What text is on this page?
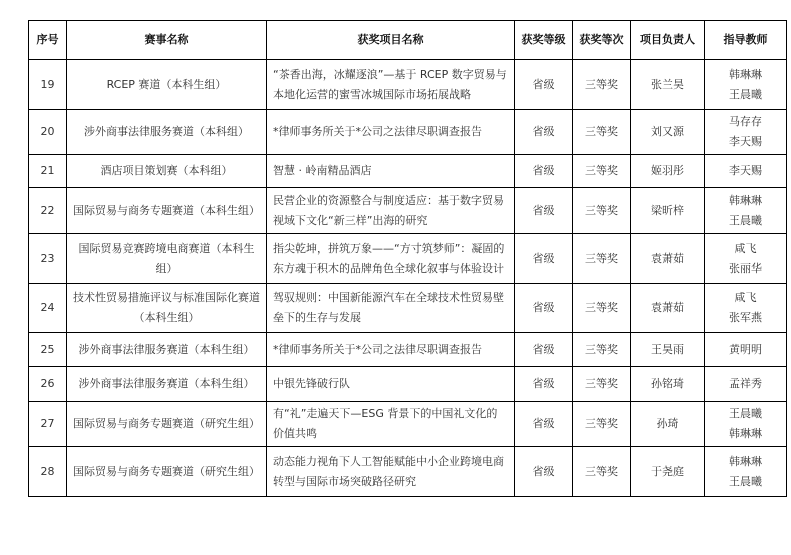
序号	赛事名称	获奖项目名称	获奖等级	获奖等次	项目负责人	指导教师
19	RCEP 赛道（本科生组）	“茶香出海，冰耀逐浪”—基于 RCEP 数字贸易与本地化运营的蜜雪冰城国际市场拓展战略	省级	三等奖	张兰昊	韩琳琳
王晨曦

20	涉外商事法律服务赛道（本科组）	*律师事务所关于*公司之法律尽职调查报告	省级	三等奖	刘又源	马存存
李天赐

21	酒店项目策划赛（本科组）	智慧 · 岭南精品酒店	省级	三等奖	姬羽彤	李天赐

22	国际贸易与商务专题赛道（本科生组）	民营企业的资源整合与制度适应：基于数字贸易视域下文化“新三样”出海的研究	省级	三等奖	梁昕梓	韩琳琳
王晨曦

23	国际贸易竞赛跨境电商赛道（本科生组）	指尖乾坤，拼筑万象——“方寸筑梦师”：凝固的东方魂于积木的品牌角色全球化叙事与体验设计	省级	三等奖	袁萧茹	咸飞
张丽华

24	技术性贸易措施评议与标准国际化赛道（本科生组）	驾驭规则：中国新能源汽车在全球技术性贸易壁垒下的生存与发展	省级	三等奖	袁萧茹	咸飞
张军燕

25	涉外商事法律服务赛道（本科生组）	*律师事务所关于*公司之法律尽职调查报告	省级	三等奖	王昊雨	黄明明

26	涉外商事法律服务赛道（本科生组）	中银先锋破行队	省级	三等奖	孙铭琦	孟祥秀

27	国际贸易与商务专题赛道（研究生组）	有“礼”走遍天下—ESG 背景下的中国礼文化的价值共鸣	省级	三等奖	孙琦	王晨曦
韩琳琳

28	国际贸易与商务专题赛道（研究生组）	动态能力视角下人工智能赋能中小企业跨境电商转型与国际市场突破路径研究	省级	三等奖	于尧庭	韩琳琳
王晨曦
